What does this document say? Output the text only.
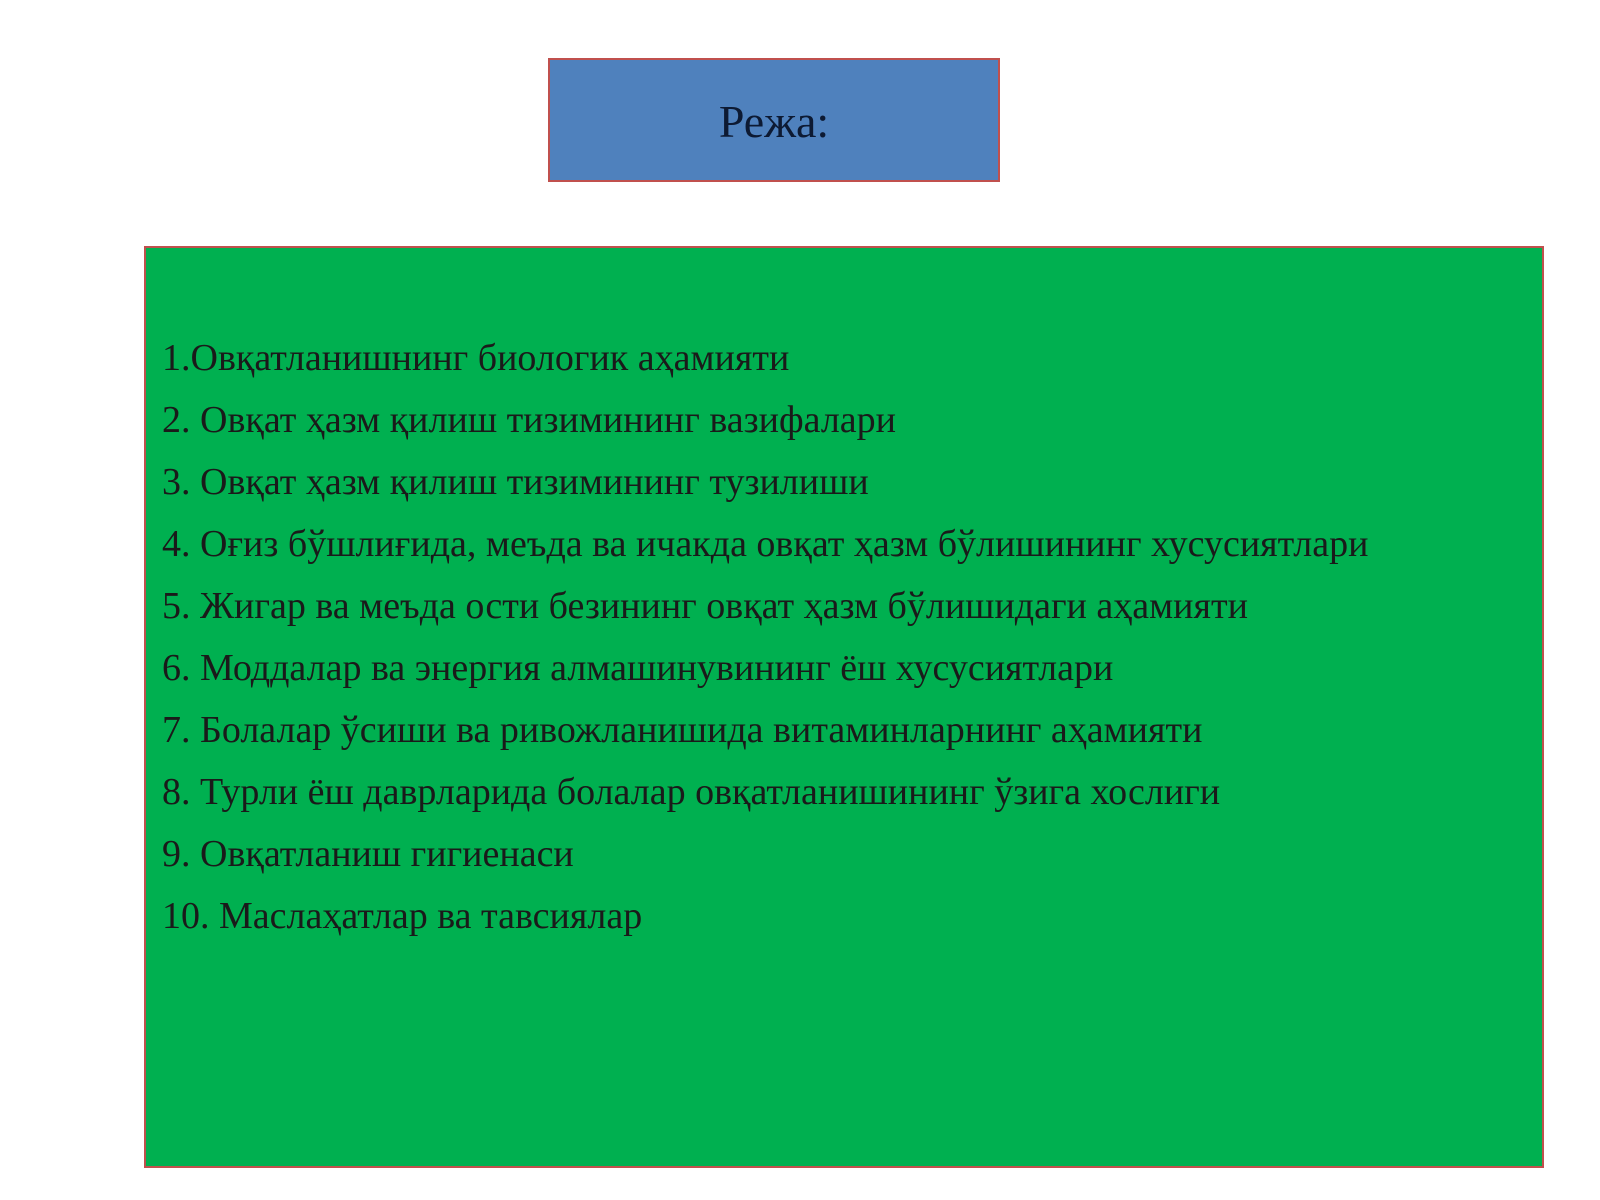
Режа:
1.Овқатланишнинг биологик аҳамияти
2. Овқат ҳазм қилиш тизимининг вазифалари
3. Овқат ҳазм қилиш тизимининг тузилиши
4. Оғиз бўшлиғида, меъда ва ичакда овқат ҳазм бўлишининг хусусиятлари
5. Жигар ва меъда ости безининг овқат ҳазм бўлишидаги аҳамияти
6. Моддалар ва энергия алмашинувининг ёш хусусиятлари
7. Болалар ўсиши ва ривожланишида витаминларнинг аҳамияти
8. Турли ёш даврларида болалар овқатланишининг ўзига хослиги
9. Овқатланиш гигиенаси
10. Маслаҳатлар ва тавсиялар
